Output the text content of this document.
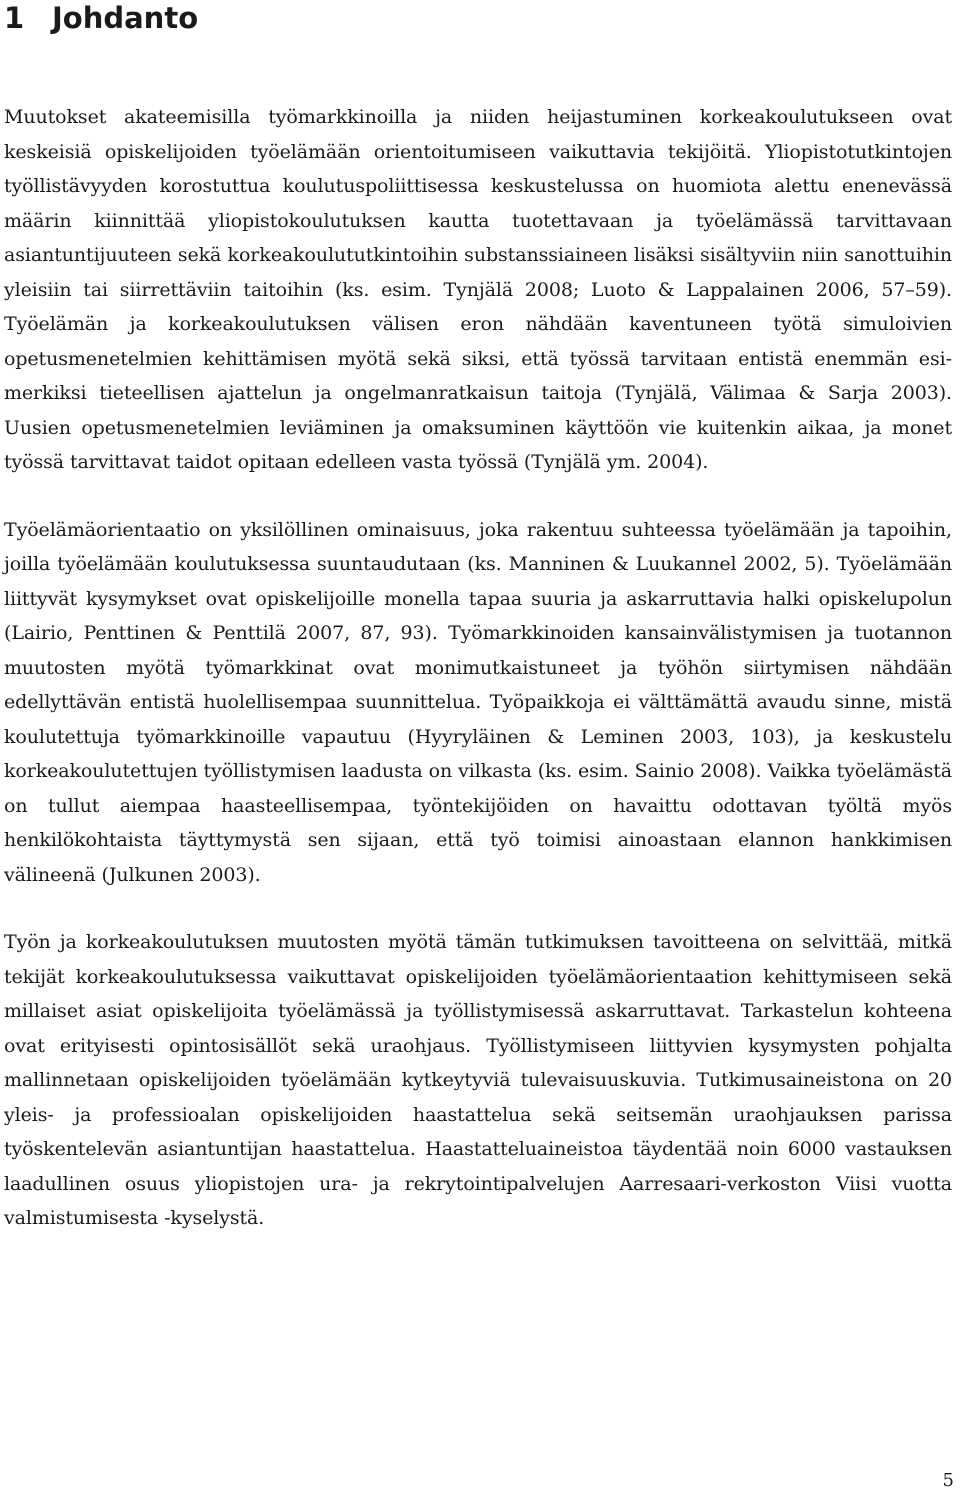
1 Johdanto

Muutokset akateemisilla työmarkkinoilla ja niiden heijastuminen korkeakoulutukseen ovat keskeisiä opiskelijoiden työelämään orientoitumiseen vaikuttavia tekijöitä. Yliopistotutkintojen työllistävyyden korostuttua koulutuspoliittisessa keskustelussa on huomiota alettu enenevässä määrin kiinnittää yliopistokoulutuksen kautta tuotettavaan ja työelämässä tarvittavaan asiantuntijuuteen sekä korkeakoulututkintoihin substanssiaineen lisäksi sisältyviin niin sanottuihin yleisiin tai siirrettäviin taitoihin (ks. esim. Tynjälä 2008; Luoto & Lappalainen 2006, 57–59). Työelämän ja korkeakoulutuksen välisen eron nähdään kaventuneen työtä simuloivien opetusmenetelmien kehittämisen myötä sekä siksi, että työssä tarvitaan entistä enemmän esimerkiksi tieteellisen ajattelun ja ongelmanratkaisun taitoja (Tynjälä, Välimaa & Sarja 2003). Uusien opetusmenetelmien leviäminen ja omaksuminen käyttöön vie kuitenkin aikaa, ja monet työssä tarvittavat taidot opitaan edelleen vasta työssä (Tynjälä ym. 2004).

Työelämäorientaatio on yksilöllinen ominaisuus, joka rakentuu suhteessa työelämään ja tapoihin, joilla työelämään koulutuksessa suuntaudutaan (ks. Manninen & Luukannel 2002, 5). Työelämään liittyvät kysymykset ovat opiskelijoille monella tapaa suuria ja askarruttavia halki opiskelupolun (Lairio, Penttinen & Penttilä 2007, 87, 93). Työmarkkinoiden kansainvälistymisen ja tuotannon muutosten myötä työmarkkinat ovat monimutkaistuneet ja työhön siirtymisen nähdään edellyttävän entistä huolellisempaa suunnittelua. Työpaikkoja ei välttämättä avaudu sinne, mistä koulutettuja työmarkkinoille vapautuu (Hyyryläinen & Leminen 2003, 103), ja keskustelu korkeakoulutettujen työllistymisen laadusta on vilkasta (ks. esim. Sainio 2008). Vaikka työelämästä on tullut aiempaa haasteellisempaa, työntekijöiden on havaittu odottavan työltä myös henkilökohtaista täyttymystä sen sijaan, että työ toimisi ainoastaan elannon hankkimisen välineenä (Julkunen 2003).

Työn ja korkeakoulutuksen muutosten myötä tämän tutkimuksen tavoitteena on selvittää, mitkä tekijät korkeakoulutuksessa vaikuttavat opiskelijoiden työelämäorientaation kehittymiseen sekä millaiset asiat opiskelijoita työelämässä ja työllistymisessä askarruttavat. Tarkastelun kohteena ovat erityisesti opintosisällöt sekä uraohjaus. Työllistymiseen liittyvien kysymysten pohjalta mallinnetaan opiskelijoiden työelämään kytkeytyviä tulevaisuuskuvia. Tutkimusaineistona on 20 yleis- ja professioalan opiskelijoiden haastattelua sekä seitsemän uraohjauksen parissa työskentelevän asiantuntijan haastattelua. Haastatteluaineistoa täydentää noin 6000 vastauksen laadullinen osuus yliopistojen ura- ja rekrytointipalvelujen Aarresaari-verkoston Viisi vuotta valmistumisesta -kyselystä.

5
